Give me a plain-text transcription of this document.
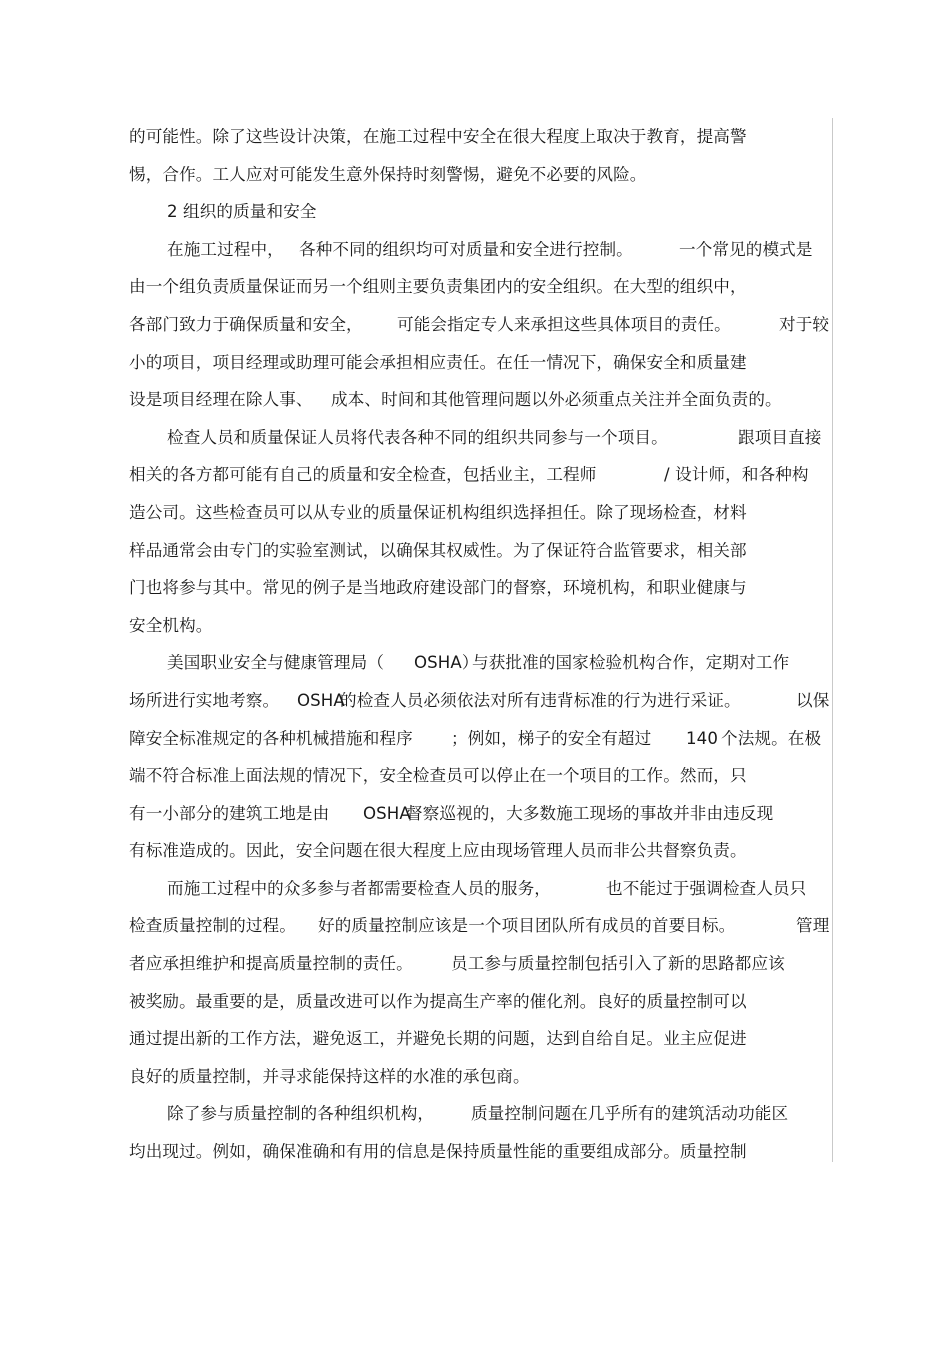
的可能性。除了这些设计决策，在施工过程中安全在很大程度上取决于教育，提高警
惕，合作。工人应对可能发生意外保持时刻警惕，避免不必要的风险。
2 组织的质量和安全
在施工过程中， 各种不同的组织均可对质量和安全进行控制。	一个常见的模式是
由一个组负责质量保证而另一个组则主要负责集团内的安全组织。在大型的组织中，
各部门致力于确保质量和安全， 可能会指定专人来承担这些具体项目的责任。	对于较
小的项目，项目经理或助理可能会承担相应责任。在任一情况下，确保安全和质量建
设是项目经理在除人事、 成本、时间和其他管理问题以外必须重点关注并全面负责的。
检查人员和质量保证人员将代表各种不同的组织共同参与一个项目。	跟项目直接
相关的各方都可能有自己的质量和安全检查，包括业主，工程师	/ 设计师，和各种构
造公司。这些检查员可以从专业的质量保证机构组织选择担任。除了现场检查，材料
样品通常会由专门的实验室测试，以确保其权威性。为了保证符合监管要求，相关部
门也将参与其中。常见的例子是当地政府建设部门的督察，环境机构，和职业健康与
安全机构。
美国职业安全与健康管理局（ OSHA）
与获批准的国家检验机构合作，定期对工作
场所进行实地考察。 OSHA
的检查人员必须依法对所有违背标准的行为进行采证。	以保
障安全标准规定的各种机械措施和程序 ；例如，梯子的安全有超过 140 个法规。在极
端不符合标准上面法规的情况下，安全检查员可以停止在一个项目的工作。然而，只
有一小部分的建筑工地是由 OSHA
督察巡视的，大多数施工现场的事故并非由违反现
有标准造成的。因此，安全问题在很大程度上应由现场管理人员而非公共督察负责。
而施工过程中的众多参与者都需要检查人员的服务，	也不能过于强调检查人员只
检查质量控制的过程。 好的质量控制应该是一个项目团队所有成员的首要目标。	管理
者应承担维护和提高质量控制的责任。 员工参与质量控制包括引入了新的思路都应该
被奖励。最重要的是，质量改进可以作为提高生产率的催化剂。良好的质量控制可以
通过提出新的工作方法，避免返工，并避免长期的问题，达到自给自足。业主应促进
良好的质量控制，并寻求能保持这样的水准的承包商。
除了参与质量控制的各种组织机构， 质量控制问题在几乎所有的建筑活动功能区
均出现过。例如，确保准确和有用的信息是保持质量性能的重要组成部分。质量控制
